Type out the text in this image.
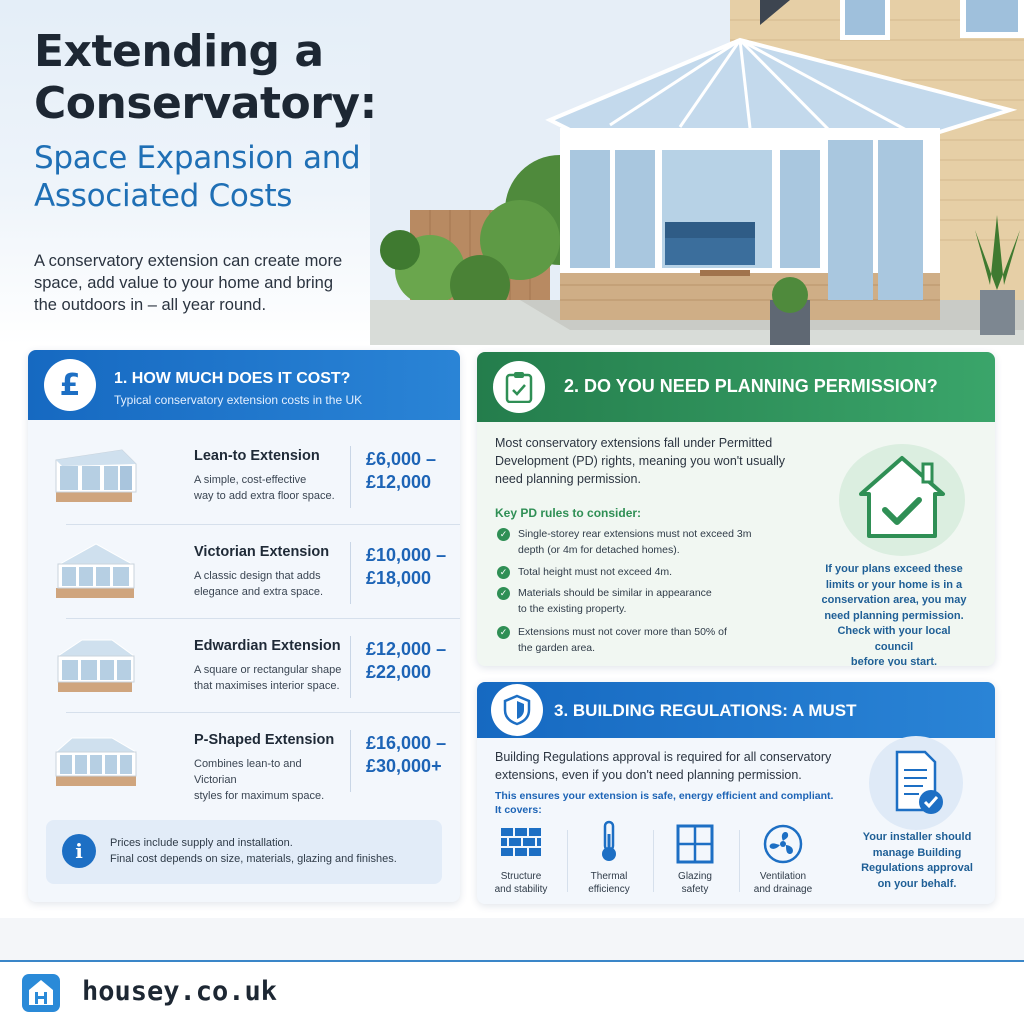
Extending a
Conservatory:
Space Expansion and
Associated Costs
A conservatory extension can create more
space, add value to your home and bring
the outdoors in – all year round.
£ 1. HOW MUCH DOES IT COST?
Typical conservatory extension costs in the UK
Lean-to Extension
A simple, cost-effective
way to add extra floor space.
£6,000 –
£12,000
Victorian Extension
A classic design that adds
elegance and extra space.
£10,000 –
£18,000
Edwardian Extension
A square or rectangular shape
that maximises interior space.
£12,000 –
£22,000
P-Shaped Extension
Combines lean-to and Victorian
styles for maximum space.
£16,000 –
£30,000+
i	Prices include supply and installation.
Final cost depends on size, materials, glazing and finishes.
2. DO YOU NEED PLANNING PERMISSION?
Most conservatory extensions fall under Permitted
Development (PD) rights, meaning you won't usually
need planning permission.
Key PD rules to consider:
✓ Single-storey rear extensions must not exceed 3m
depth (or 4m for detached homes).
✓ Total height must not exceed 4m.
✓ Materials should be similar in appearance
to the existing property.
✓ Extensions must not cover more than 50% of
the garden area.
If your plans exceed these
limits or your home is in a
conservation area, you may
need planning permission.
Check with your local council
before you start.
3. BUILDING REGULATIONS: A MUST
Building Regulations approval is required for all conservatory
extensions, even if you don't need planning permission.
This ensures your extension is safe, energy efficient and compliant.
It covers:
Structure
and stability
Thermal
efficiency
Glazing
safety
Ventilation
and drainage
Your installer should
manage Building
Regulations approval
on your behalf.
housey.co.uk
